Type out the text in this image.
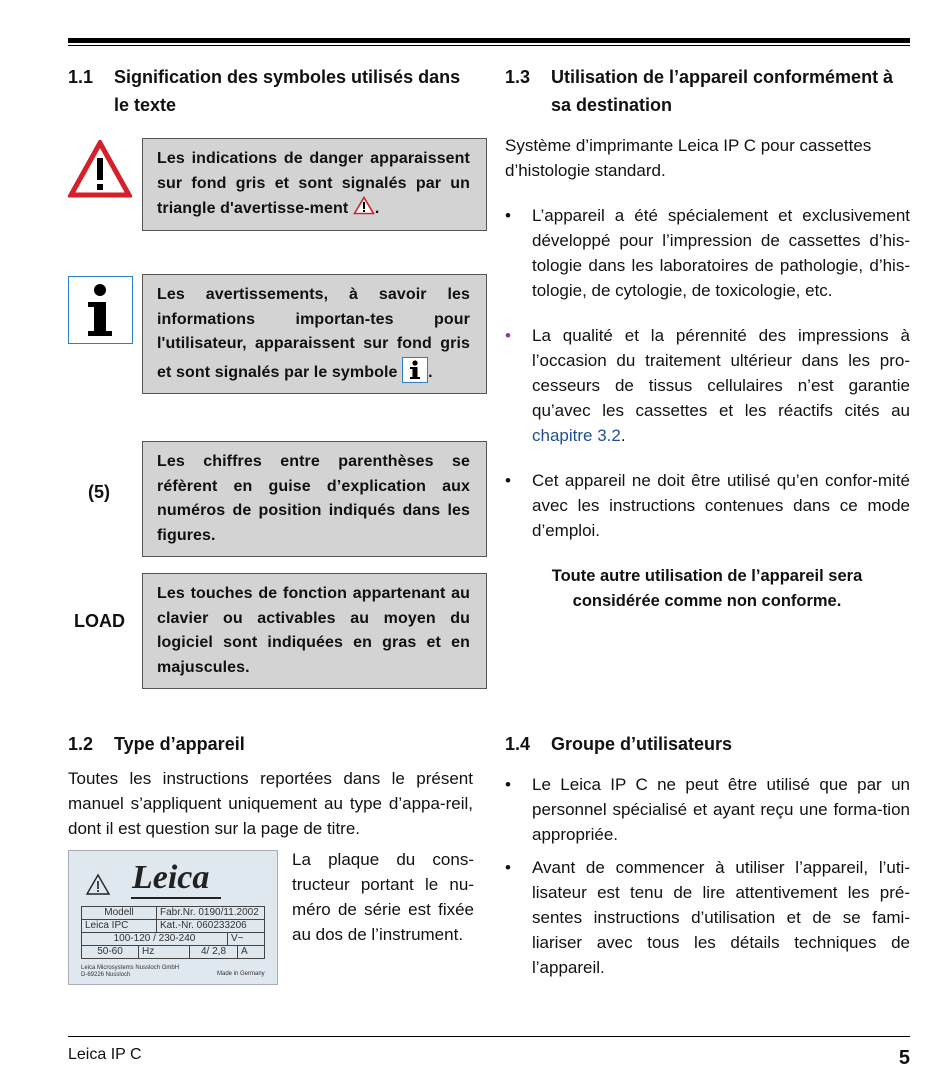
1.1	Signification des symboles utilisés dans le texte
Les indications de danger apparaissent sur fond gris et sont signalés par un triangle d'avertisse-ment .
Les avertissements, à savoir les informations importan-tes pour l'utilisateur, apparaissent sur fond gris et sont signalés par le symbole .
(5)
Les chiffres entre parenthèses se réfèrent en guise d’explication aux numéros de position indiqués dans les figures.
LOAD
Les touches de fonction appartenant au clavier ou activables au moyen du logiciel sont indiquées en gras et en majuscules.
1.2	Type d’appareil
Toutes les instructions reportées dans le présent manuel s’appliquent uniquement au type d’appa-reil, dont il est question sur la page de titre.
Leica
Modell	Fabr.Nr. 0190/11.2002
Leica IPC	Kat.-Nr. 060233206
100-120 / 230-240	V~
50-60	Hz	4/ 2,8	A
Leica Microsystems Nussloch GmbH
D-69226 Nussloch	Made in Germany
La plaque du cons-tructeur portant le nu-méro de série est fixée au dos de l’instrument.
1.3	Utilisation de l’appareil conformément à sa destination
Système d’imprimante Leica IP C pour cassettes d’histologie standard.
• L’appareil a été spécialement et exclusivement développé pour l’impression de cassettes d’his-tologie dans les laboratoires de pathologie, d’his-tologie, de cytologie, de toxicologie, etc.
• La qualité et la pérennité des impressions à l’occasion du traitement ultérieur dans les pro-cesseurs de tissus cellulaires n’est garantie qu’avec les cassettes et les réactifs cités au chapitre 3.2.
• Cet appareil ne doit être utilisé qu’en confor-mité avec les instructions contenues dans ce mode d’emploi.
Toute autre utilisation de l’appareil sera considérée comme non conforme.
1.4	Groupe d’utilisateurs
• Le Leica IP C ne peut être utilisé que par un personnel spécialisé et ayant reçu une forma-tion appropriée.
• Avant de commencer à utiliser l’appareil, l’uti-lisateur est tenu de lire attentivement les pré-sentes instructions d’utilisation et de se fami-liariser avec tous les détails techniques de l’appareil.
Leica IP C	5
